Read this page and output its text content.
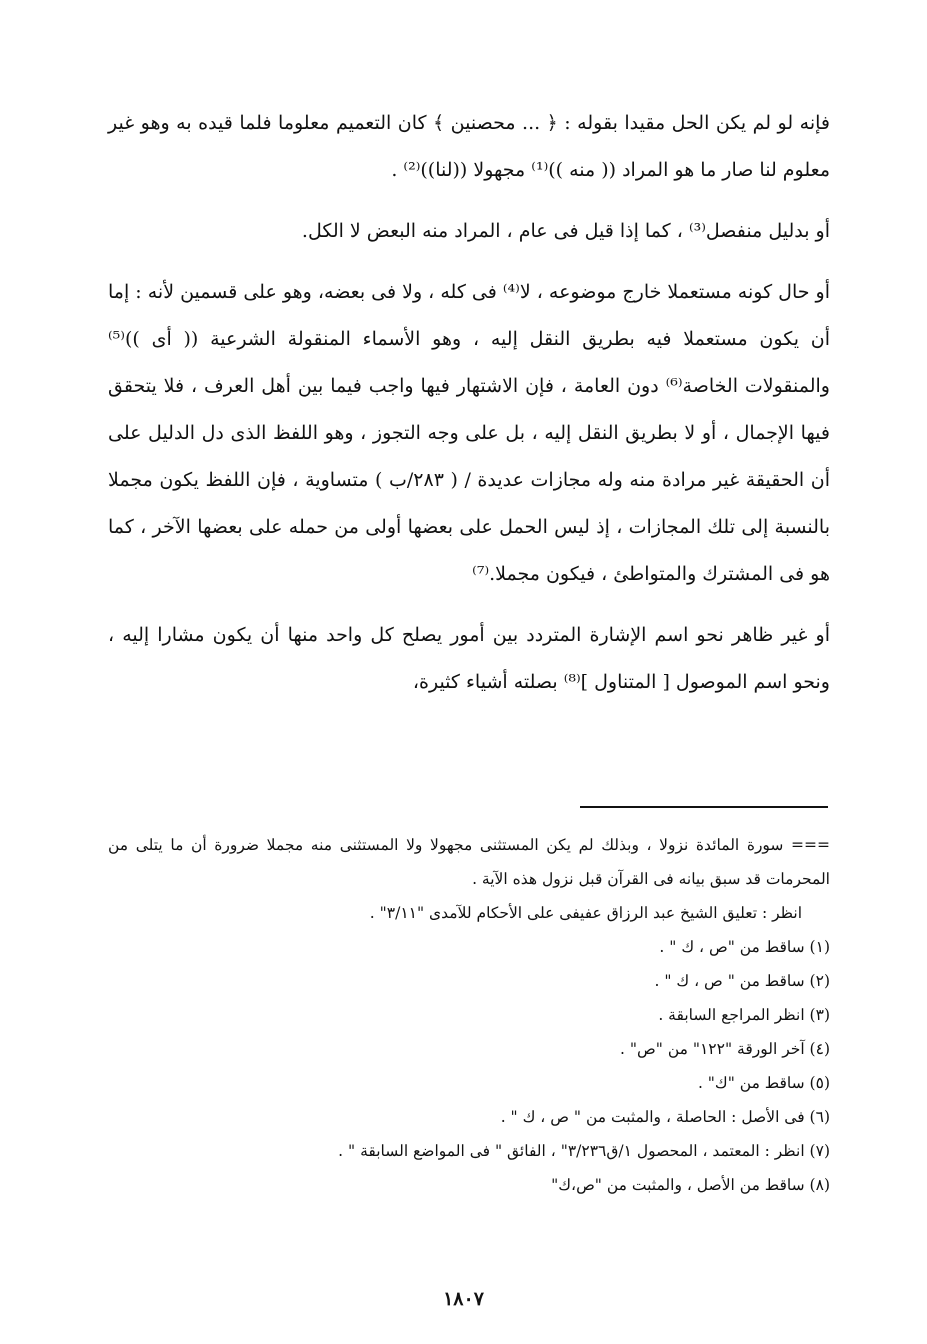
فإنه لو لم يكن الحل مقيدا بقوله : ﴿ ... محصنين ﴾ كان التعميم معلوما فلما قيده به وهو غير معلوم لنا صار ما هو المراد (( منه ))⁽¹⁾ مجهولا ((لنا))⁽²⁾ .

أو بدليل منفصل⁽³⁾ ، كما إذا قيل فى عام ، المراد منه البعض لا الكل.

أو حال كونه مستعملا خارج موضوعه ، لا⁽⁴⁾ فى كله ، ولا فى بعضه، وهو على قسمين لأنه : إما أن يكون مستعملا فيه بطريق النقل إليه ، وهو الأسماء المنقولة الشرعية (( أى ))⁽⁵⁾ والمنقولات الخاصة⁽⁶⁾ دون العامة ، فإن الاشتهار فيها واجب فيما بين أهل العرف ، فلا يتحقق فيها الإجمال ، أو لا بطريق النقل إليه ، بل على وجه التجوز ، وهو اللفظ الذى دل الدليل على أن الحقيقة غير مرادة منه وله مجازات عديدة / ( ٢٨٣/ب ) متساوية ، فإن اللفظ يكون مجملا بالنسبة إلى تلك المجازات ، إذ ليس الحمل على بعضها أولى من حمله على بعضها الآخر ، كما هو فى المشترك والمتواطئ ، فيكون مجملا.⁽⁷⁾

أو غير ظاهر نحو اسم الإشارة المتردد بين أمور يصلح كل واحد منها أن يكون مشارا إليه ، ونحو اسم الموصول [ المتناول ]⁽⁸⁾ بصلته أشياء كثيرة،

=== سورة المائدة نزولا ، وبذلك لم يكن المستثنى مجهولا ولا المستثنى منه مجملا ضرورة أن ما يتلى من المحرمات قد سبق بيانه فى القرآن قبل نزول هذه الآية .

انظر : تعليق الشيخ عبد الرزاق عفيفى على الأحكام للآمدى "٣/١١" .

(١) ساقط من "ص ، ك " .

(٢) ساقط من " ص ، ك " .

(٣) انظر المراجع السابقة .

(٤) آخر الورقة "١٢٢" من "ص" .

(٥) ساقط من "ك" .

(٦) فى الأصل : الحاصلة ، والمثبت من " ص ، ك " .

(٧) انظر : المعتمد ، المحصول ١/ق٣/٢٣٦" ، الفائق " فى المواضع السابقة " .

(٨) ساقط من الأصل ، والمثبت من "ص،ك"

١٨٠٧
